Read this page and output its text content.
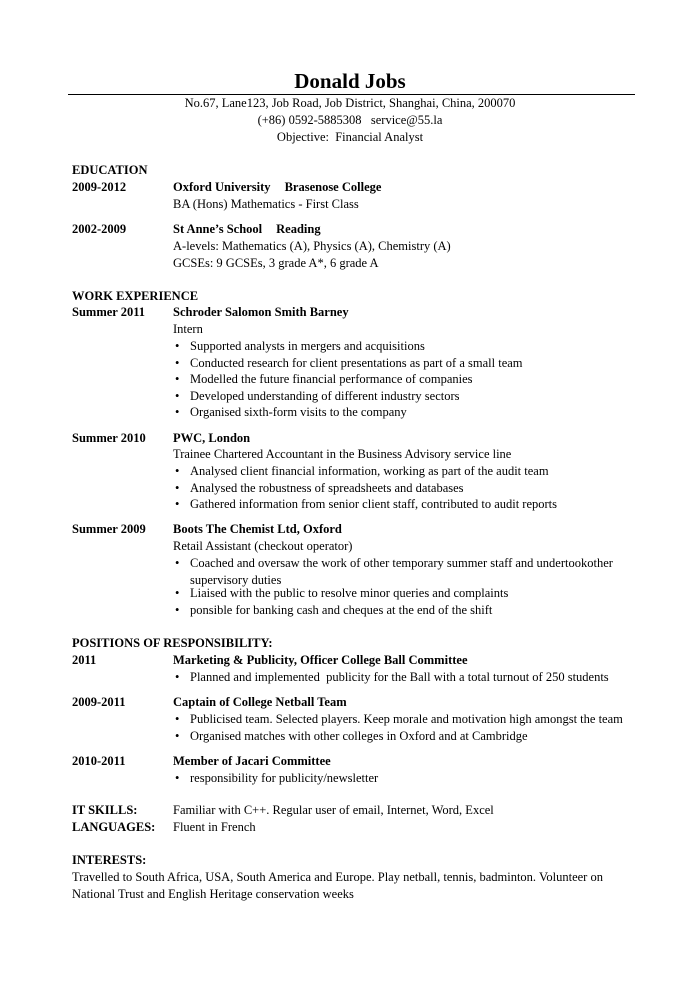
Donald Jobs
No.67, Lane123, Job Road, Job District, Shanghai, China, 200070
(+86) 0592-5885308   service@55.la
Objective:  Financial Analyst
EDUCATION
2009-2012	Oxford University Brasenose College
BA (Hons) Mathematics - First Class
2002-2009	St Anne’s School Reading
A-levels: Mathematics (A), Physics (A), Chemistry (A)
GCSEs: 9 GCSEs, 3 grade A*, 6 grade A
WORK EXPERIENCE
Summer 2011 Schroder Salomon Smith Barney
Intern
• Supported analysts in mergers and acquisitions
• Conducted research for client presentations as part of a small team
• Modelled the future financial performance of companies
• Developed understanding of different industry sectors
• Organised sixth-form visits to the company
Summer 2010 PWC, London
Trainee Chartered Accountant in the Business Advisory service line
• Analysed client financial information, working as part of the audit team
• Analysed the robustness of spreadsheets and databases
• Gathered information from senior client staff, contributed to audit reports
Summer 2009 Boots The Chemist Ltd, Oxford
Retail Assistant (checkout operator)
• Coached and oversaw the work of other temporary summer staff and undertookother supervisory duties
• Liaised with the public to resolve minor queries and complaints
• ponsible for banking cash and cheques at the end of the shift
POSITIONS OF RESPONSIBILITY:
2011	Marketing & Publicity, Officer College Ball Committee
• Planned and implemented  publicity for the Ball with a total turnout of 250 students
2009-2011	Captain of College Netball Team
• Publicised team. Selected players. Keep morale and motivation high amongst the team
• Organised matches with other colleges in Oxford and at Cambridge
2010-2011	Member of Jacari Committee
• responsibility for publicity/newsletter
IT SKILLS:	Familiar with C++. Regular user of email, Internet, Word, Excel
LANGUAGES: Fluent in French
INTERESTS:
Travelled to South Africa, USA, South America and Europe. Play netball, tennis, badminton. Volunteer on National Trust and English Heritage conservation weeks
